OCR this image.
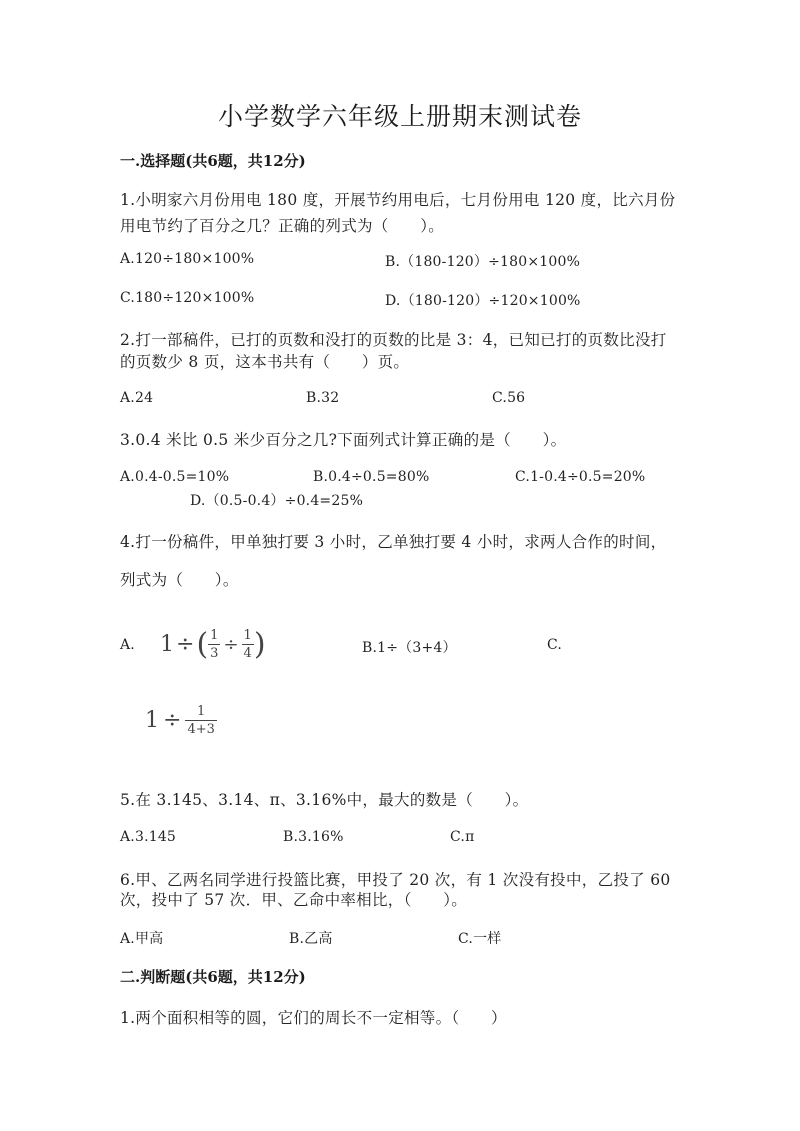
小学数学六年级上册期末测试卷
一.选择题(共6题，共12分)
1.小明家六月份用电 180 度，开展节约用电后，七月份用电 120 度，比六月份
用电节约了百分之几？正确的列式为（　　）。
A.120÷180×100%	B.（180-120）÷180×100%
C.180÷120×100%	D.（180-120）÷120×100%
2.打一部稿件，已打的页数和没打的页数的比是 3：4，已知已打的页数比没打
的页数少 8 页，这本书共有（　　）页。
A.24	B.32	C.56
3.0.4 米比 0.5 米少百分之几?下面列式计算正确的是（　　）。
A.0.4-0.5=10%	B.0.4÷0.5=80%	C.1-0.4÷0.5=20%
D.（0.5-0.4）÷0.4=25%
4.打一份稿件，甲单独打要 3 小时，乙单独打要 4 小时，求两人合作的时间，
列式为（　　）。
A. 1 ÷ ( $\frac{1}{3} \div \frac{1}{4}$ )	B.1÷（3+4）	C.
$1 \div \frac{1}{4+3}$
5.在 3.145、3.14、π、3.16%中，最大的数是（　　）。
A.3.145	B.3.16%	C.π
6.甲、乙两名同学进行投篮比赛，甲投了 20 次，有 1 次没有投中，乙投了 60
次，投中了 57 次．甲、乙命中率相比，（　　）。
A.甲高	B.乙高	C.一样
二.判断题(共6题，共12分)
1.两个面积相等的圆，它们的周长不一定相等。（　　）
